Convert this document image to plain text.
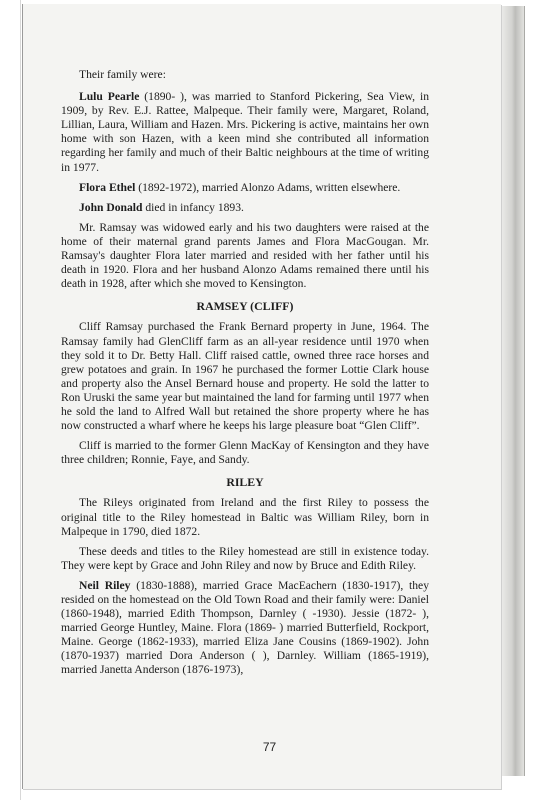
Their family were:

Lulu Pearle (1890- ), was married to Stanford Pickering, Sea View, in 1909, by Rev. E.J. Rattee, Malpeque. Their family were, Margaret, Roland, Lillian, Laura, William and Hazen. Mrs. Pickering is active, maintains her own home with son Hazen, with a keen mind she contributed all information regarding her family and much of their Baltic neighbours at the time of writing in 1977.

Flora Ethel (1892-1972), married Alonzo Adams, written elsewhere.

John Donald died in infancy 1893.

Mr. Ramsay was widowed early and his two daughters were raised at the home of their maternal grand parents James and Flora MacGougan. Mr. Ramsay's daughter Flora later married and resided with her father until his death in 1920. Flora and her husband Alonzo Adams remained there until his death in 1928, after which she moved to Kensington.

RAMSEY (CLIFF)

Cliff Ramsay purchased the Frank Bernard property in June, 1964. The Ramsay family had GlenCliff farm as an all-year residence until 1970 when they sold it to Dr. Betty Hall. Cliff raised cattle, owned three race horses and grew potatoes and grain. In 1967 he purchased the former Lottie Clark house and property also the Ansel Bernard house and property. He sold the latter to Ron Uruski the same year but maintained the land for farming until 1977 when he sold the land to Alfred Wall but retained the shore property where he has now constructed a wharf where he keeps his large pleasure boat “Glen Cliff”.

Cliff is married to the former Glenn MacKay of Kensington and they have three children; Ronnie, Faye, and Sandy.

RILEY

The Rileys originated from Ireland and the first Riley to possess the original title to the Riley homestead in Baltic was William Riley, born in Malpeque in 1790, died 1872.

These deeds and titles to the Riley homestead are still in existence today. They were kept by Grace and John Riley and now by Bruce and Edith Riley.

Neil Riley (1830-1888), married Grace MacEachern (1830-1917), they resided on the homestead on the Old Town Road and their family were: Daniel (1860-1948), married Edith Thompson, Darnley ( -1930). Jessie (1872- ), married George Huntley, Maine. Flora (1869- ) married Butterfield, Rockport, Maine. George (1862-1933), married Eliza Jane Cousins (1869-1902). John (1870-1937) married Dora Anderson ( ), Darnley. William (1865-1919), married Janetta Anderson (1876-1973),

77
